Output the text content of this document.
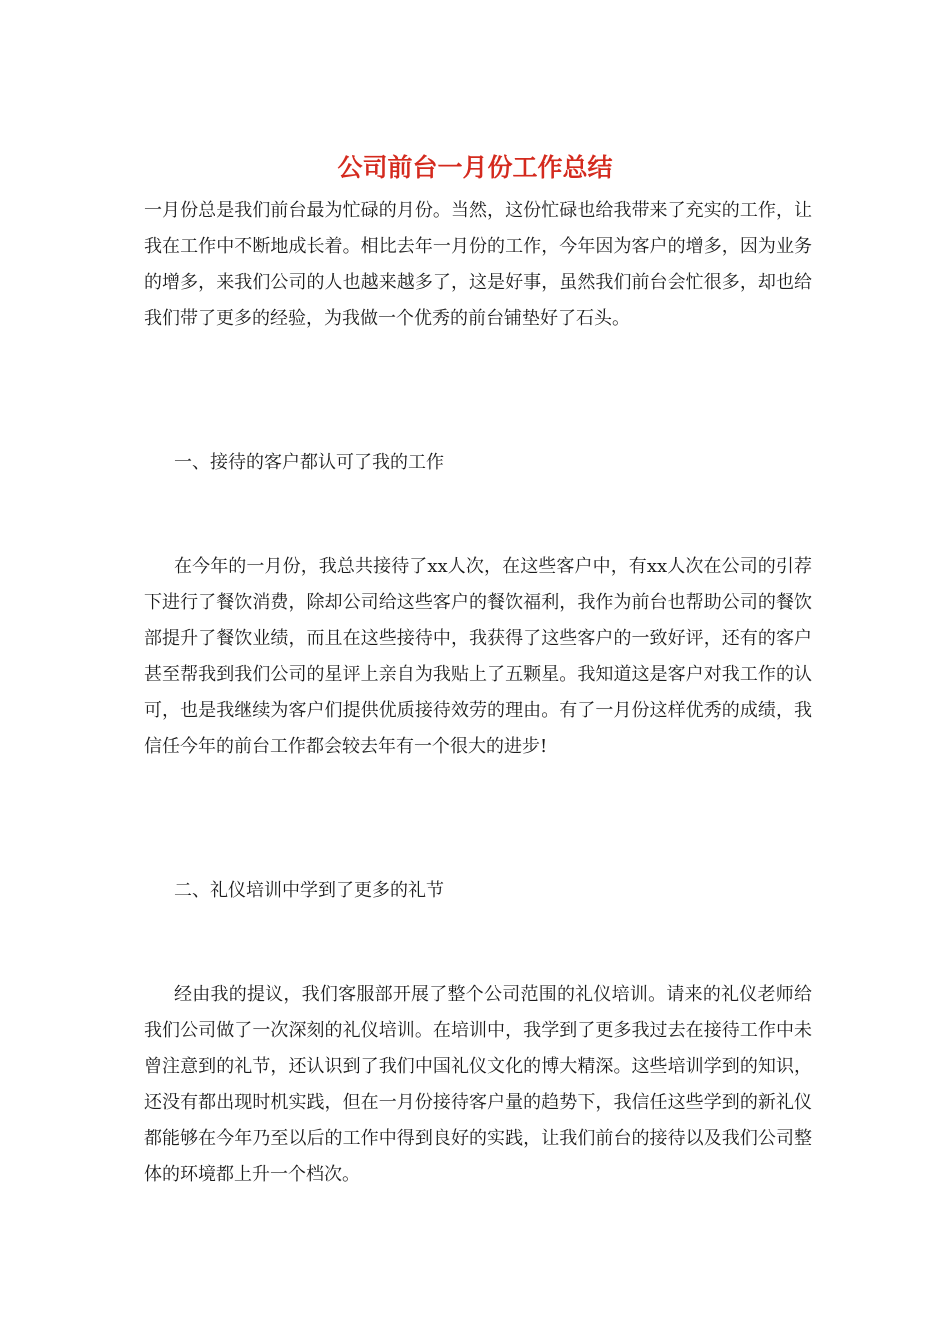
公司前台一月份工作总结

一月份总是我们前台最为忙碌的月份。当然，这份忙碌也给我带来了充实的工作，让我在工作中不断地成长着。相比去年一月份的工作，今年因为客户的增多，因为业务的增多，来我们公司的人也越来越多了，这是好事，虽然我们前台会忙很多，却也给我们带了更多的经验，为我做一个优秀的前台铺垫好了石头。

一、接待的客户都认可了我的工作

在今年的一月份，我总共接待了xx人次，在这些客户中，有xx人次在公司的引荐下进行了餐饮消费，除却公司给这些客户的餐饮福利，我作为前台也帮助公司的餐饮部提升了餐饮业绩，而且在这些接待中，我获得了这些客户的一致好评，还有的客户甚至帮我到我们公司的星评上亲自为我贴上了五颗星。我知道这是客户对我工作的认可，也是我继续为客户们提供优质接待效劳的理由。有了一月份这样优秀的成绩，我信任今年的前台工作都会较去年有一个很大的进步!

二、礼仪培训中学到了更多的礼节

经由我的提议，我们客服部开展了整个公司范围的礼仪培训。请来的礼仪老师给我们公司做了一次深刻的礼仪培训。在培训中，我学到了更多我过去在接待工作中未曾注意到的礼节，还认识到了我们中国礼仪文化的博大精深。这些培训学到的知识，还没有都出现时机实践，但在一月份接待客户量的趋势下，我信任这些学到的新礼仪都能够在今年乃至以后的工作中得到良好的实践，让我们前台的接待以及我们公司整体的环境都上升一个档次。
